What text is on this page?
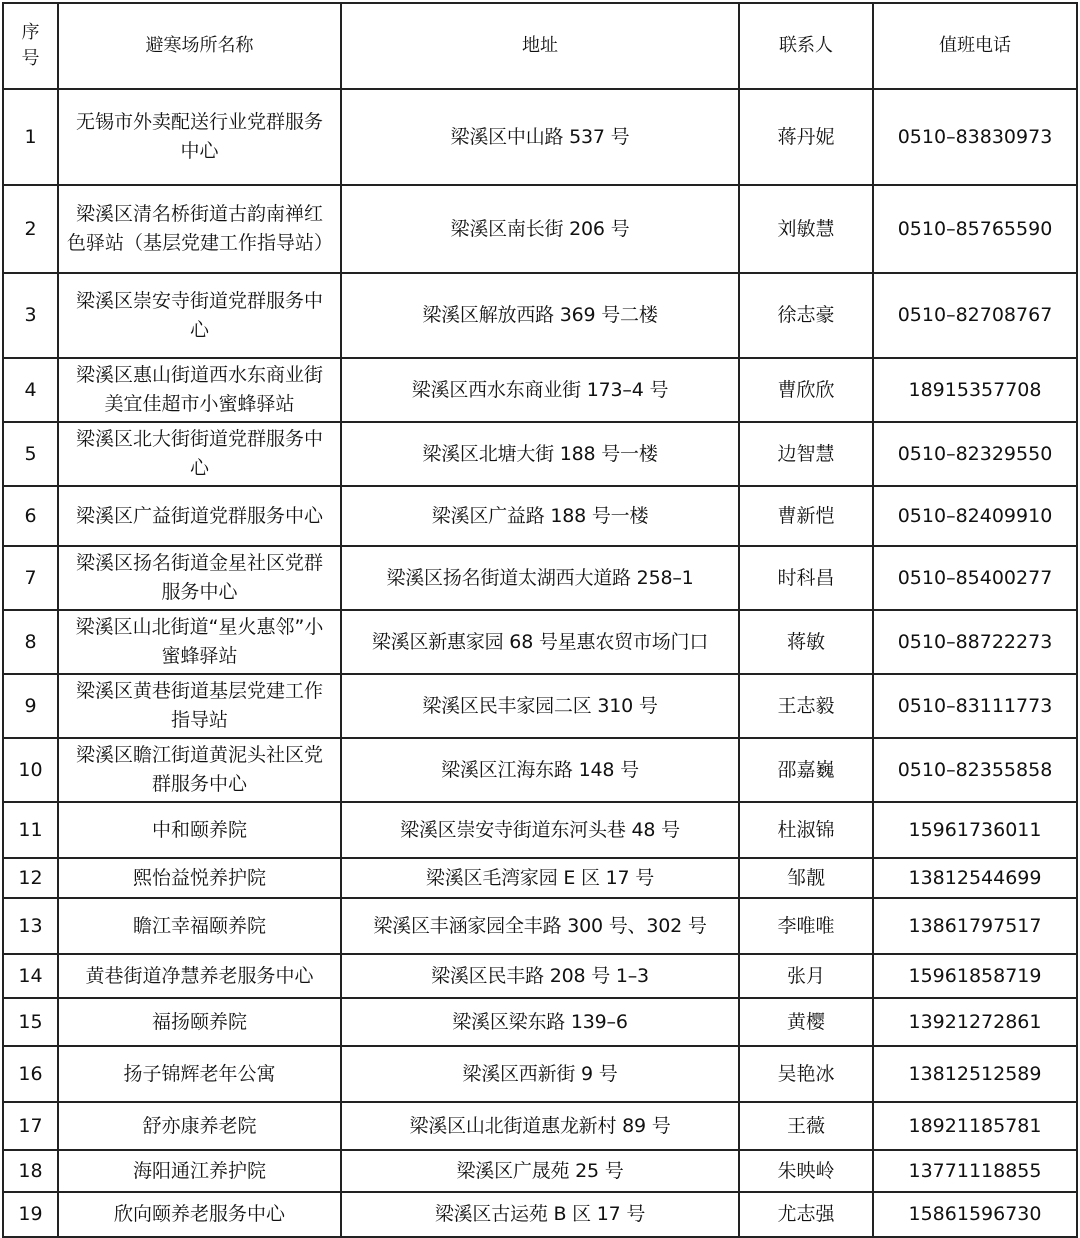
序
号	避寒场所名称	地址	联系人	值班电话
1	无锡市外卖配送行业党群服务中心	梁溪区中山路 537 号	蒋丹妮	0510–83830973
2	梁溪区清名桥街道古韵南禅红色驿站（基层党建工作指导站）	梁溪区南长街 206 号	刘敏慧	0510–85765590
3	梁溪区崇安寺街道党群服务中心	梁溪区解放西路 369 号二楼	徐志豪	0510–82708767
4	梁溪区惠山街道西水东商业街美宜佳超市小蜜蜂驿站	梁溪区西水东商业街 173–4 号	曹欣欣	18915357708
5	梁溪区北大街街道党群服务中心	梁溪区北塘大街 188 号一楼	边智慧	0510–82329550
6	梁溪区广益街道党群服务中心	梁溪区广益路 188 号一楼	曹新恺	0510–82409910
7	梁溪区扬名街道金星社区党群服务中心	梁溪区扬名街道太湖西大道路 258–1	时科昌	0510–85400277
8	梁溪区山北街道“星火惠邻”小蜜蜂驿站	梁溪区新惠家园 68 号星惠农贸市场门口	蒋敏	0510–88722273
9	梁溪区黄巷街道基层党建工作指导站	梁溪区民丰家园二区 310 号	王志毅	0510–83111773
10	梁溪区瞻江街道黄泥头社区党群服务中心	梁溪区江海东路 148 号	邵嘉巍	0510–82355858
11	中和颐养院	梁溪区崇安寺街道东河头巷 48 号	杜淑锦	15961736011
12	熙怡益悦养护院	梁溪区毛湾家园 E 区 17 号	邹靓	13812544699
13	瞻江幸福颐养院	梁溪区丰涵家园全丰路 300 号、302 号	李唯唯	13861797517
14	黄巷街道净慧养老服务中心	梁溪区民丰路 208 号 1–3	张月	15961858719
15	福扬颐养院	梁溪区梁东路 139–6	黄樱	13921272861
16	扬子锦辉老年公寓	梁溪区西新街 9 号	吴艳冰	13812512589
17	舒亦康养老院	梁溪区山北街道惠龙新村 89 号	王薇	18921185781
18	海阳通江养护院	梁溪区广晟苑 25 号	朱映岭	13771118855
19	欣向颐养老服务中心	梁溪区古运苑 B 区 17 号	尤志强	15861596730
